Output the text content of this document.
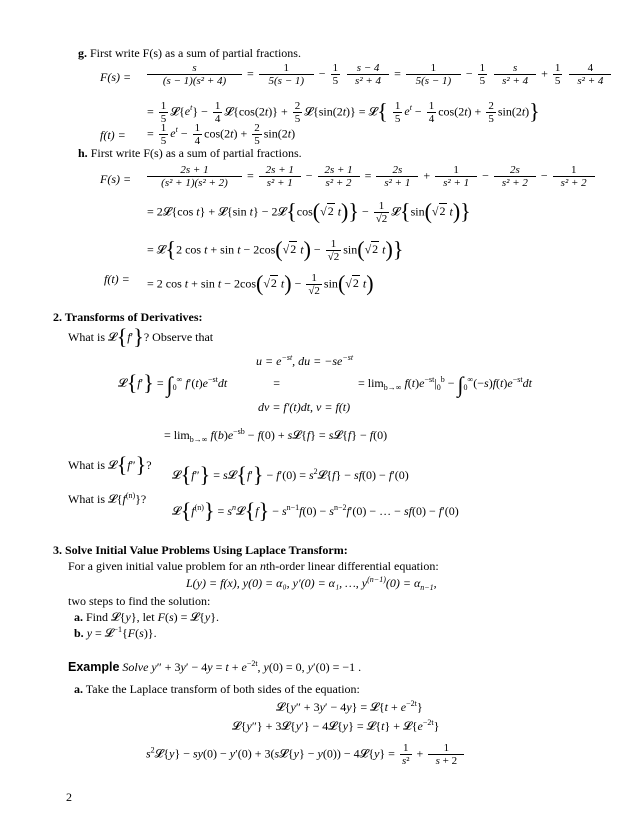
g. First write F(s) as a sum of partial fractions.
$F(s) = \frac{s}{\text{(s − 1)(s² + 4)}} = \frac{1}{5(s - 1)} - \frac{1}{5}$
$\frac{s - 4}{\text{s² + 4}} = \frac{1}{5(s - 1)} - \frac{1}{5}$
$\frac{s}{\text{s² + 4}} + \frac{1}{5}$
$\frac{4}{\text{s² + 4}}$
= $\frac{1}{5}$ $𝓛\{e^t\} - \frac{1}{4}$ 𝓛{cos(2t)} + $\frac{2}{5}$ 𝓛{sin(2t)} = 𝓛{ $\frac{1}{5} e^t - \frac{1}{4} \cos(2t) + \frac{2}{5} \sin(2t)$}
f(t) = = $\frac{1}{5} e^t - \frac{1}{4} \cos(2t) + \frac{2}{5} \sin(2t)$
h. First write F(s) as a sum of partial fractions.
$F(s) = \frac{2s + 1}{\text{(s² + 1)(s² + 2)}} = \frac{2s + 1}{\text{s² + 1}} - \frac{2s + 1}{\text{s² + 2}} = \frac{2s}{\text{s² + 1}} + \frac{1}{\text{s² + 1}} - \frac{2s}{\text{s² + 2}} - \frac{1}{\text{s² + 2}}$
= 2𝓛{cos t} + 𝓛{sin t} − 2𝓛{cos(√2 $t)\} - \frac{1}{√2}$ 𝓛{sin(√2 t)}
= 𝓛{2 cos t + sin t − 2cos(√2 $t) - \frac{1}{√2} \sin(√2$ t)}
f(t) = = 2 cos t + sin t − 2cos(√2 $t) - \frac{1}{√2} \sin(√2$ t)
2. Transforms of Derivatives:
What is 𝓛{f′}? Observe that
$u = e^{-st}$, du = $-se^{-st}$
𝓛{f′} = $\int_0^\infty$ $f'(t)e^{-st}dt$	=	= $\lim_{b\to\infty} f(t)e^{-st}|_0^b - \int_0^\infty(-s)f(t)e^{-st}dt$
dv = f′(t)dt, v = f(t)
= $\lim_{b\to\infty} f(b)e^{-sb} - f(0)$ + s𝓛{f} = s𝓛{f} − f(0)
What is 𝓛{f″}?
𝓛{f″} = s𝓛{f′} − $f'(0) = s^2𝓛\{f\} - sf(0) - f'(0)$
What is $𝓛\{f^{(n)}\}$?
$𝓛\{f^{(n)}\}$ = $s^n𝓛\{f\} - s^{n-1}f(0) - s^{n-2}f'(0)$ − … − sf(0) − f′(0)
3. Solve Initial Value Problems Using Laplace Transform:
For a given initial value problem for an nth-order linear differential equation:
L(y) = f(x), y(0) = α₀, y′(0) = α₁, …, $y^{(n-1)}(0) = \alpha_{n-1}$,
two steps to find the solution:
a. Find 𝓛{y}, let F(s) = 𝓛{y}.
b. y = 𝓛$^{-1}${F(s)}.
Example Solve $y'' + 3y' - 4y = t + e^{-2t}$, y(0) = 0, y′(0) = −1 .
a. Take the Laplace transform of both sides of the equation:
𝓛{y″ + 3y′ − 4y} = 𝓛{t + $e^{-2t}$}
𝓛{y″} + 3𝓛{y′} − 4𝓛{y} = 𝓛{t} + $𝓛\{e^{-2t}\}$
$s^2𝓛\{y\} - sy(0) - y'(0)$ + 3(s𝓛{y} − y(0)) − 4𝓛{y} = $\frac{1}{\text{s²}} + \frac{1}{s + 2}$
2
